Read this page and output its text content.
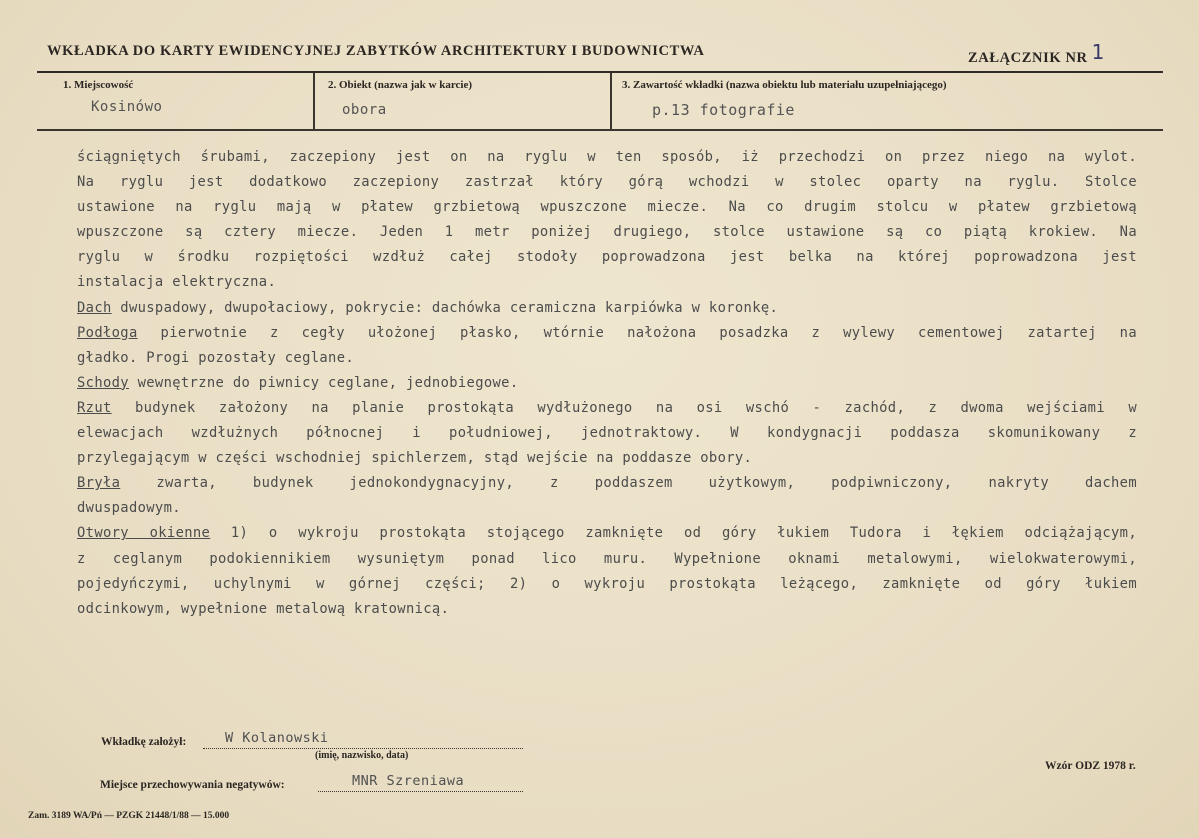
WKŁADKA DO KARTY EWIDENCYJNEJ ZABYTKÓW ARCHITEKTURY I BUDOWNICTWA	ZAŁĄCZNIK NR 1
1. Miejscowość
Kosinówo
2. Obiekt (nazwa jak w karcie)
obora
3. Zawartość wkładki (nazwa obiektu lub materiału uzupełniającego)
p.13 fotografie
ściągniętych śrubami, zaczepiony jest on na ryglu w ten sposób, iż przechodzi on przez niego na wylot.
Na ryglu jest dodatkowo zaczepiony zastrzał który górą wchodzi w stolec oparty na ryglu. Stolce
ustawione na ryglu mają w płatew grzbietową wpuszczone miecze. Na co drugim stolcu w płatew grzbietową
wpuszczone są cztery miecze. Jeden 1 metr poniżej drugiego, stolce ustawione są co piątą krokiew. Na
ryglu w środku rozpiętości wzdłuż całej stodoły poprowadzona jest belka na której poprowadzona jest
instalacja elektryczna.
Dach dwuspadowy, dwupołaciowy, pokrycie: dachówka ceramiczna karpiówka w koronkę.
Podłoga pierwotnie z cegły ułożonej płasko, wtórnie nałożona posadzka z wylewy cementowej zatartej na
gładko. Progi pozostały ceglane.
Schody wewnętrzne do piwnicy ceglane, jednobiegowe.
Rzut budynek założony na planie prostokąta wydłużonego na osi wschó - zachód, z dwoma wejściami w
elewacjach wzdłużnych północnej i południowej, jednotraktowy. W kondygnacji poddasza skomunikowany z
przylegającym w części wschodniej spichlerzem, stąd wejście na poddasze obory.
Bryła zwarta, budynek jednokondygnacyjny, z poddaszem użytkowym, podpiwniczony, nakryty dachem
dwuspadowym.
Otwory okienne 1) o wykroju prostokąta stojącego zamknięte od góry łukiem Tudora i łękiem odciążającym,
z ceglanym podokiennikiem wysuniętym ponad lico muru. Wypełnione oknami metalowymi, wielokwaterowymi,
pojedyńczymi, uchylnymi w górnej części; 2) o wykroju prostokąta leżącego, zamknięte od góry łukiem
odcinkowym, wypełnione metalową kratownicą.
Wkładkę założył:	W Kolanowski
(imię, nazwisko, data)
Miejsce przechowywania negatywów:	MNR Szreniawa
Wzór ODZ 1978 r.
Zam. 3189 WA/Pń — PZGK 21448/1/88 — 15.000
